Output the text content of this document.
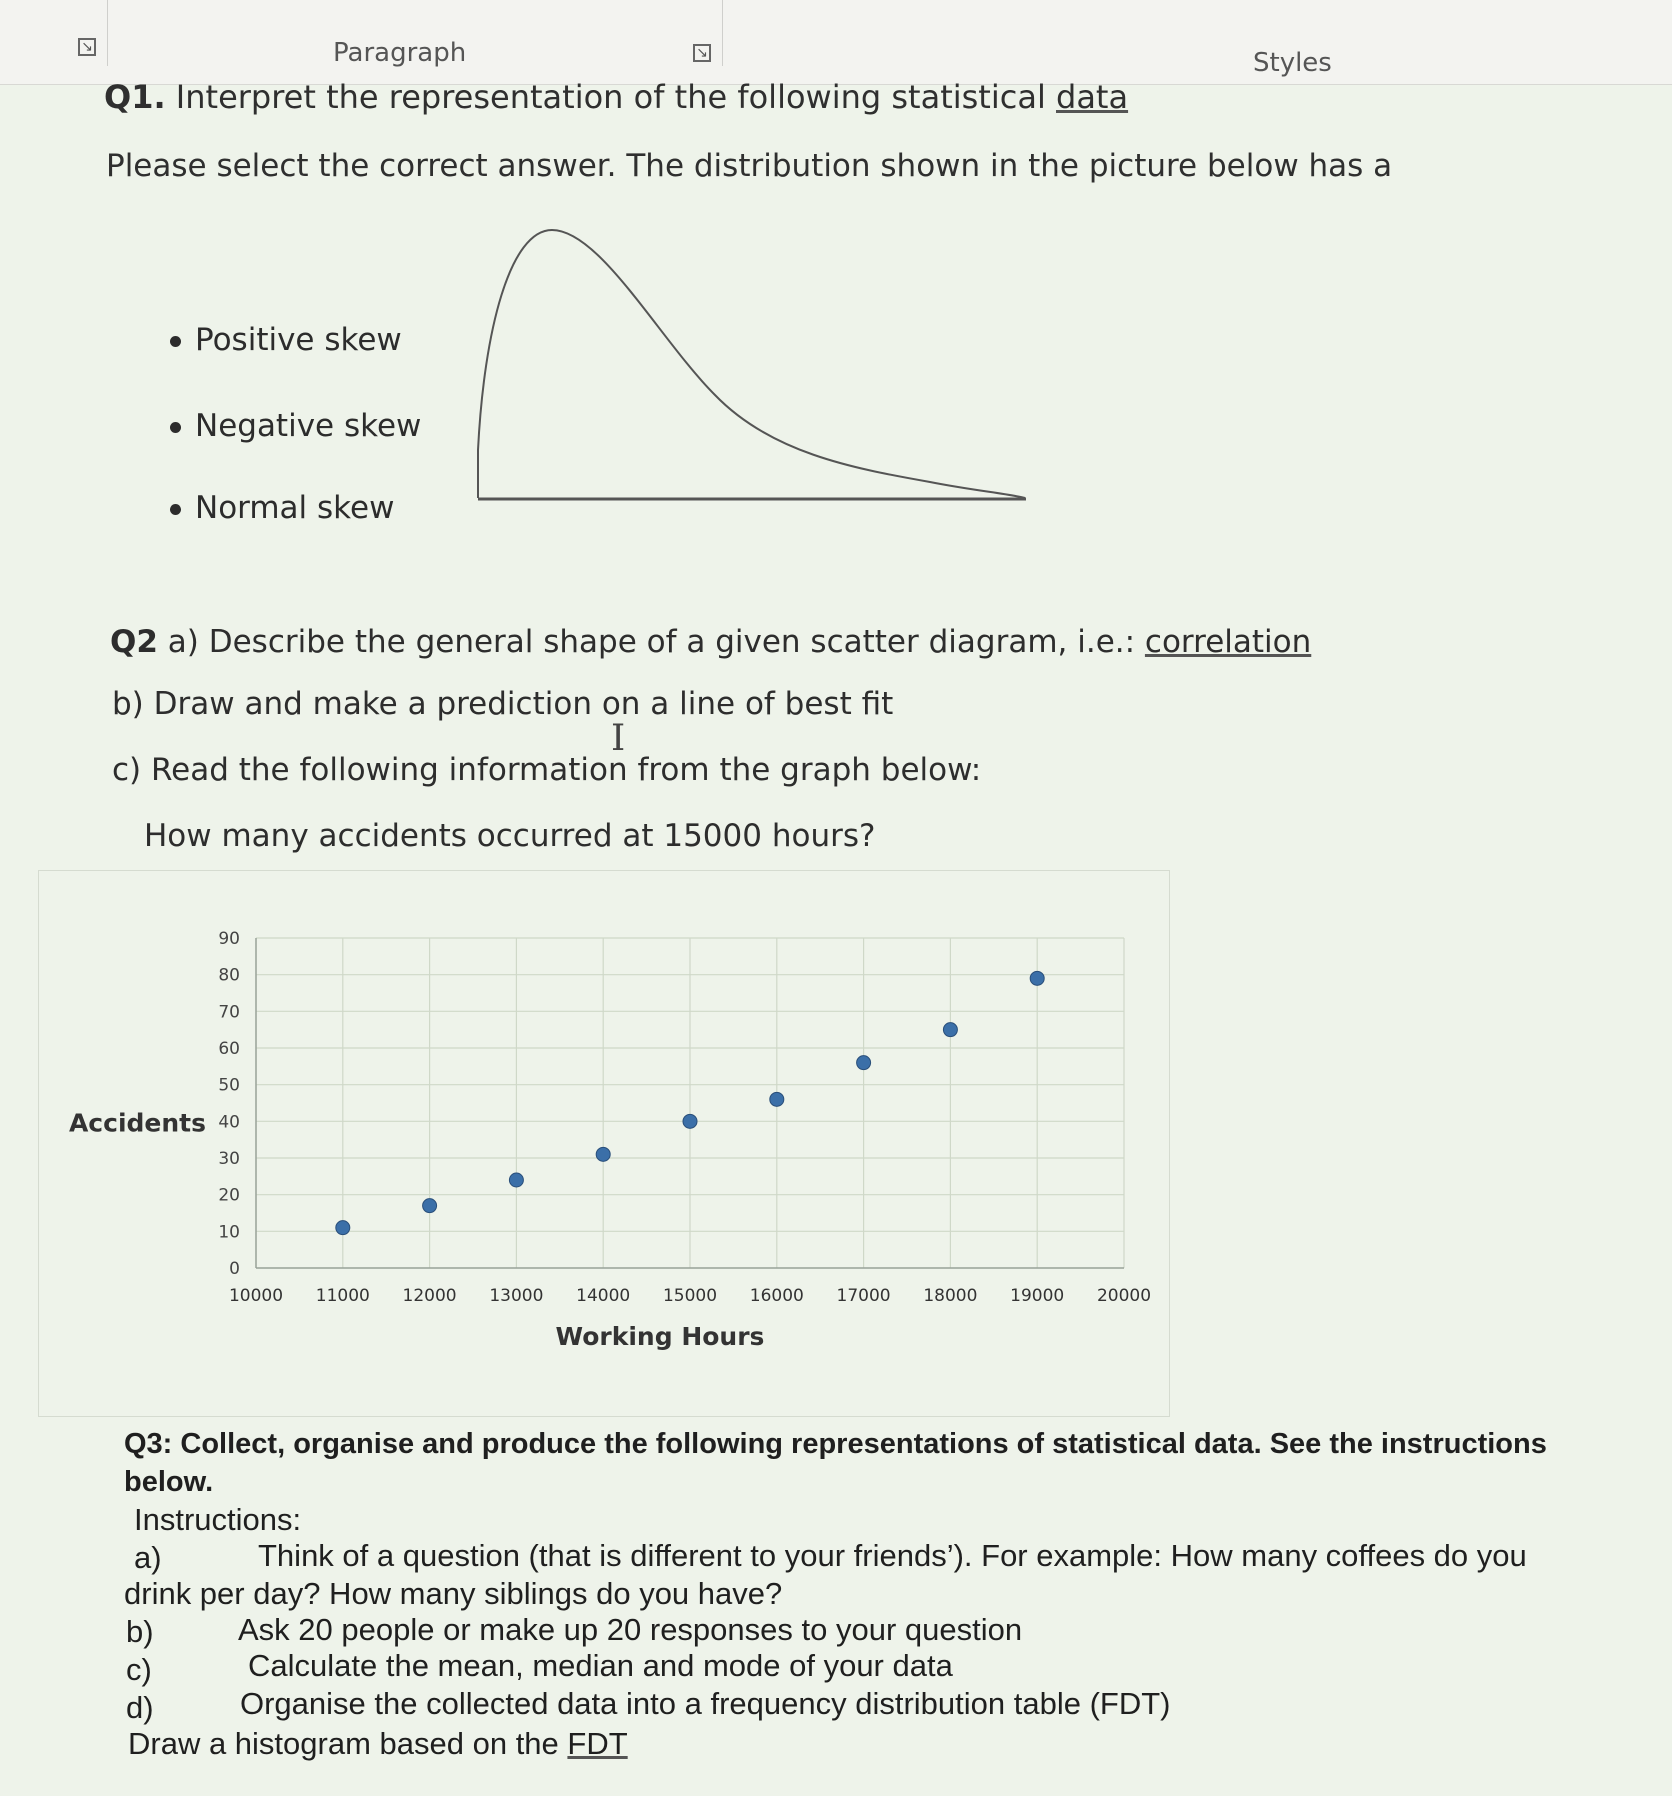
↘	Paragraph	↘	Styles
Q1. Interpret the representation of the following statistical data
Please select the correct answer. The distribution shown in the picture below has a
Positive skew
Negative skew
Normal skew
Q2 a) Describe the general shape of a given scatter diagram, i.e.: correlation
b) Draw and make a prediction on a line of best fit
I
c) Read the following information from the graph below:
How many accidents occurred at 15000 hours?
0
10
20
30
40
50
60
70
80
90
10000 11000 12000 13000 14000 15000 16000 17000 18000 19000 20000
Working Hours
Accidents
Q3: Collect, organise and produce the following representations of statistical data. See the instructions
below.
Instructions:
a)	Think of a question (that is different to your friends’). For example: How many coffees do you
drink per day? How many siblings do you have?
b)	Ask 20 people or make up 20 responses to your question
c)	Calculate the mean, median and mode of your data
d)	Organise the collected data into a frequency distribution table (FDT)
Draw a histogram based on the FDT
